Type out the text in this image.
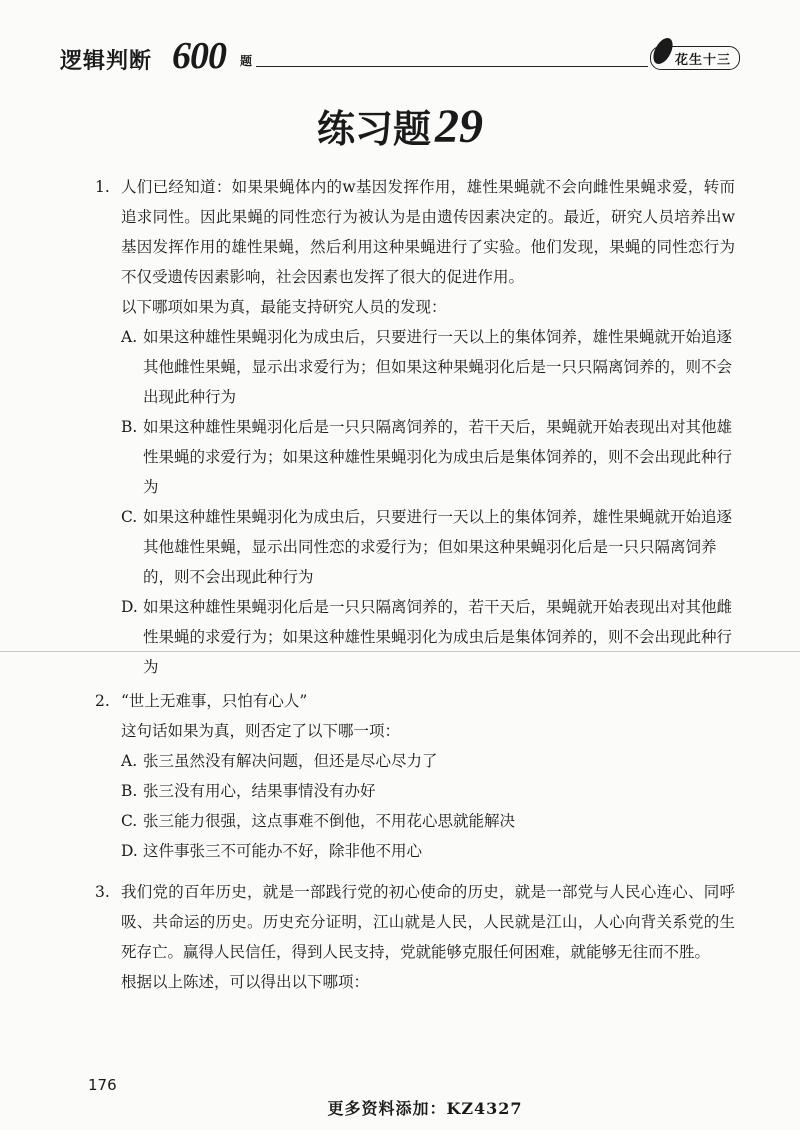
逻辑判断 600 题	花生十三
练习题29
1. 人们已经知道：如果果蝇体内的w基因发挥作用，雄性果蝇就不会向雌性果蝇求爱，转而追求同性。因此果蝇的同性恋行为被认为是由遗传因素决定的。最近，研究人员培养出w基因发挥作用的雄性果蝇，然后利用这种果蝇进行了实验。他们发现，果蝇的同性恋行为不仅受遗传因素影响，社会因素也发挥了很大的促进作用。
以下哪项如果为真，最能支持研究人员的发现：
A. 如果这种雄性果蝇羽化为成虫后，只要进行一天以上的集体饲养，雄性果蝇就开始追逐其他雌性果蝇，显示出求爱行为；但如果这种果蝇羽化后是一只只隔离饲养的，则不会出现此种行为
B. 如果这种雄性果蝇羽化后是一只只隔离饲养的，若干天后，果蝇就开始表现出对其他雄性果蝇的求爱行为；如果这种雄性果蝇羽化为成虫后是集体饲养的，则不会出现此种行为
C. 如果这种雄性果蝇羽化为成虫后，只要进行一天以上的集体饲养，雄性果蝇就开始追逐其他雄性果蝇，显示出同性恋的求爱行为；但如果这种果蝇羽化后是一只只隔离饲养的，则不会出现此种行为
D. 如果这种雄性果蝇羽化后是一只只隔离饲养的，若干天后，果蝇就开始表现出对其他雌性果蝇的求爱行为；如果这种雄性果蝇羽化为成虫后是集体饲养的，则不会出现此种行为
2. “世上无难事，只怕有心人”
这句话如果为真，则否定了以下哪一项：
A. 张三虽然没有解决问题，但还是尽心尽力了
B. 张三没有用心，结果事情没有办好
C. 张三能力很强，这点事难不倒他，不用花心思就能解决
D. 这件事张三不可能办不好，除非他不用心
3. 我们党的百年历史，就是一部践行党的初心使命的历史，就是一部党与人民心连心、同呼吸、共命运的历史。历史充分证明，江山就是人民，人民就是江山，人心向背关系党的生死存亡。赢得人民信任，得到人民支持，党就能够克服任何困难，就能够无往而不胜。
根据以上陈述，可以得出以下哪项：
176
更多资料添加：KZ4327
